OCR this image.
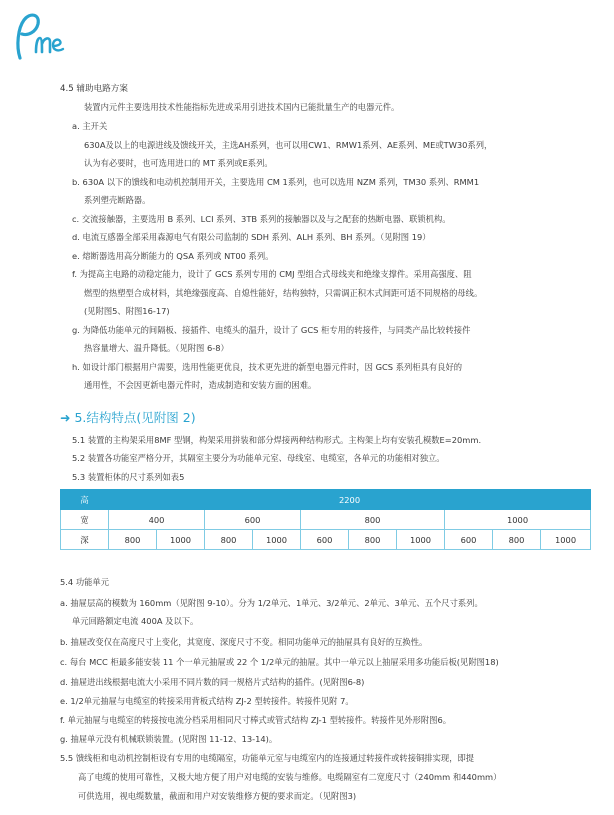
4.5 辅助电路方案
装置内元件主要选用技术性能指标先进或采用引进技术国内已能批量生产的电器元件。
a. 主开关
630A及以上的电源进线及馈线开关，主选AH系列，也可以用CW1、RMW1系列、AE系列、ME或TW30系列，
认为有必要时，也可选用进口的 MT 系列或E系列。
b. 630A 以下的馈线和电动机控制用开关，主要选用 CM 1系列，也可以选用 NZM 系列，TM30 系列、RMM1
系列塑壳断路器。
c. 交流接触器，主要选用 B 系列、LCI 系列、3TB 系列的接触器以及与之配套的热断电器、联锁机构。
d. 电流互感器全部采用森源电气有限公司监制的 SDH 系列、ALH 系列、BH 系列。（见附图 19）
e. 熔断器选用高分断能力的 QSA 系列或 NT00 系列。
f. 为提高主电路的动稳定能力，设计了 GCS 系列专用的 CMJ 型组合式母线夹和绝缘支撑件。采用高强度、阻
燃型的热塑型合成材料，其绝缘强度高、自熄性能好，结构独特，只需调正积木式间距可适不同规格的母线。
(见附图5、附图16-17)
g. 为降低功能单元的间隔板、接插件、电缆头的温升，设计了 GCS 柜专用的转接件，与同类产品比较转接件
热容量增大、温升降低。（见附图 6-8）
h. 如设计部门根据用户需要，选用性能更优良，技术更先进的新型电器元件时，因 GCS 系列柜具有良好的
通用性，不会因更新电器元件时，造成制造和安装方面的困难。
➜ 5.结构特点(见附图 2)
5.1 装置的主构架采用8MF 型钢，构架采用拼装和部分焊接两种结构形式。主构架上均有安装孔模数E=20mm.
5.2 装置各功能室严格分开，其隔室主要分为功能单元室、母线室、电缆室，各单元的功能相对独立。
5.3 装置柜体的尺寸系列如表5
高	2200									
宽	400		600		800			1000		
深	800	1000	800	1000	600	800	1000	600	800	1000
5.4 功能单元
a. 抽屉层高的模数为 160mm（见附图 9-10）。分为 1/2单元、1单元、3/2单元、2单元、3单元、五个尺寸系列。
单元回路额定电流 400A 及以下。
b. 抽屉改变仅在高度尺寸上变化，其宽度、深度尺寸不变。相同功能单元的抽屉具有良好的互换性。
c. 每台 MCC 柜最多能安装 11 个一单元抽屉或 22 个 1/2单元的抽屉。其中一单元以上抽屉采用多功能后板(见附图18)
d. 抽屉进出线根据电流大小采用不同片数的同一规格片式结构的插件。(见附图6-8)
e. 1/2单元抽屉与电缆室的转接采用背板式结构 ZJ-2 型转接件。转接件见附 7。
f. 单元抽屉与电缆室的转接按电流分档采用相同尺寸棒式或管式结构 ZJ-1 型转接件。转接件见外形附图6。
g. 抽屉单元没有机械联锁装置。(见附图 11-12、13-14)。
5.5 馈线柜和电动机控制柜设有专用的电缆隔室，功能单元室与电缆室内的连接通过转接件或转接铜排实现，即提
高了电缆的使用可靠性，又极大地方便了用户对电缆的安装与维修。电缆隔室有二宽度尺寸（240mm 和440mm）
可供选用，视电缆数量，截面和用户对安装维修方便的要求而定。（见附图3)
